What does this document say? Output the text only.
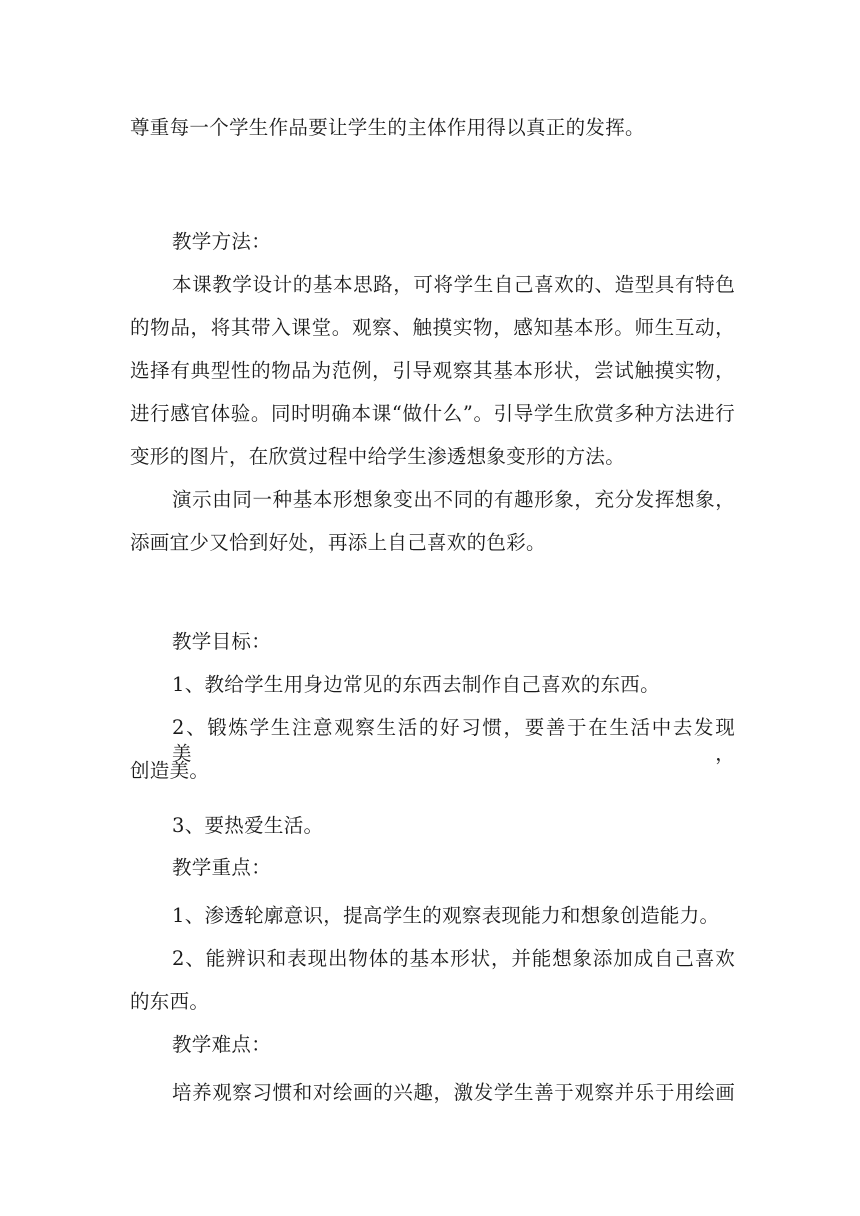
尊重每一个学生作品要让学生的主体作用得以真正的发挥。
教学方法：
本课教学设计的基本思路，可将学生自己喜欢的、造型具有特色
的物品，将其带入课堂。观察、触摸实物，感知基本形。师生互动，
选择有典型性的物品为范例，引导观察其基本形状，尝试触摸实物，
进行感官体验。同时明确本课“做什么”。引导学生欣赏多种方法进行
变形的图片，在欣赏过程中给学生渗透想象变形的方法。
演示由同一种基本形想象变出不同的有趣形象，充分发挥想象，
添画宜少又恰到好处，再添上自己喜欢的色彩。
教学目标：
1、教给学生用身边常见的东西去制作自己喜欢的东西。
2、锻炼学生注意观察生活的好习惯，要善于在生活中去发现美，
创造美。
3、要热爱生活。
教学重点：
1、渗透轮廓意识，提高学生的观察表现能力和想象创造能力。
2、能辨识和表现出物体的基本形状，并能想象添加成自己喜欢
的东西。
教学难点：
培养观察习惯和对绘画的兴趣，激发学生善于观察并乐于用绘画
